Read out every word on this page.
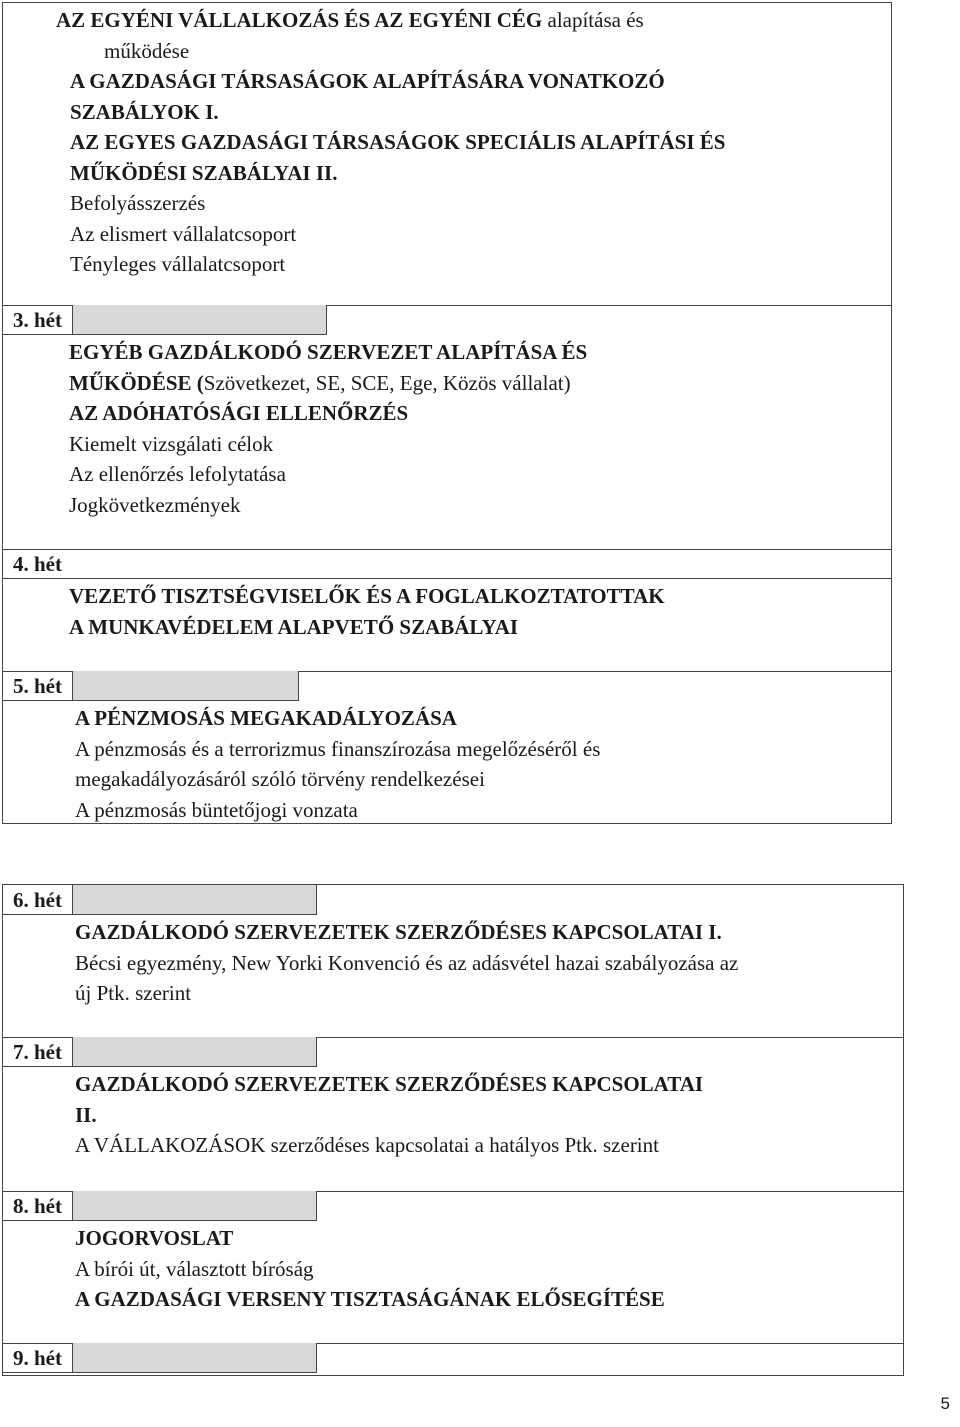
AZ EGYÉNI VÁLLALKOZÁS ÉS AZ EGYÉNI CÉG alapítása és
működése
A GAZDASÁGI TÁRSASÁGOK ALAPÍTÁSÁRA VONATKOZÓ
SZABÁLYOK I.
AZ EGYES GAZDASÁGI TÁRSASÁGOK SPECIÁLIS ALAPÍTÁSI ÉS
MŰKÖDÉSI SZABÁLYAI II.
Befolyásszerzés
Az elismert vállalatcsoport
Tényleges vállalatcsoport
3. hét
EGYÉB GAZDÁLKODÓ SZERVEZET ALAPÍTÁSA ÉS
MŰKÖDÉSE (Szövetkezet, SE, SCE, Ege, Közös vállalat)
AZ ADÓHATÓSÁGI ELLENŐRZÉS
Kiemelt vizsgálati célok
Az ellenőrzés lefolytatása
Jogkövetkezmények
4. hét
VEZETŐ TISZTSÉGVISELŐK ÉS A FOGLALKOZTATOTTAK
A MUNKAVÉDELEM ALAPVETŐ SZABÁLYAI
5. hét
A PÉNZMOSÁS MEGAKADÁLYOZÁSA
A pénzmosás és a terrorizmus finanszírozása megelőzéséről és
megakadályozásáról szóló törvény rendelkezései
A pénzmosás büntetőjogi vonzata
6. hét
GAZDÁLKODÓ SZERVEZETEK SZERZŐDÉSES KAPCSOLATAI I.
Bécsi egyezmény, New Yorki Konvenció és az adásvétel hazai szabályozása az
új Ptk. szerint
7. hét
GAZDÁLKODÓ SZERVEZETEK SZERZŐDÉSES KAPCSOLATAI
II.
A VÁLLAKOZÁSOK szerződéses kapcsolatai a hatályos Ptk. szerint
8. hét
JOGORVOSLAT
A bírói út, választott bíróság
A GAZDASÁGI VERSENY TISZTASÁGÁNAK ELŐSEGÍTÉSE
9. hét
5
